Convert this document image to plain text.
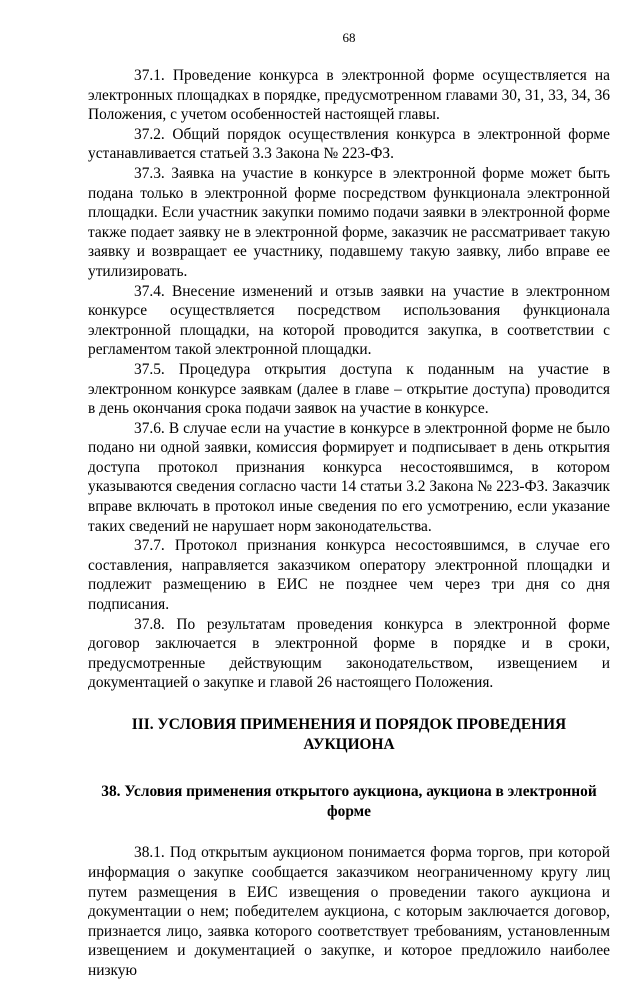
68

37.1. Проведение конкурса в электронной форме осуществляется на электронных площадках в порядке, предусмотренном главами 30, 31, 33, 34, 36 Положения, с учетом особенностей настоящей главы.

37.2. Общий порядок осуществления конкурса в электронной форме устанавливается статьей 3.3 Закона № 223-ФЗ.

37.3. Заявка на участие в конкурсе в электронной форме может быть подана только в электронной форме посредством функционала электронной площадки. Если участник закупки помимо подачи заявки в электронной форме также подает заявку не в электронной форме, заказчик не рассматривает такую заявку и возвращает ее участнику, подавшему такую заявку, либо вправе ее утилизировать.

37.4. Внесение изменений и отзыв заявки на участие в электронном конкурсе осуществляется посредством использования функционала электронной площадки, на которой проводится закупка, в соответствии с регламентом такой электронной площадки.

37.5. Процедура открытия доступа к поданным на участие в электронном конкурсе заявкам (далее в главе – открытие доступа) проводится в день окончания срока подачи заявок на участие в конкурсе.

37.6. В случае если на участие в конкурсе в электронной форме не было подано ни одной заявки, комиссия формирует и подписывает в день открытия доступа протокол признания конкурса несостоявшимся, в котором указываются сведения согласно части 14 статьи 3.2 Закона № 223-ФЗ. Заказчик вправе включать в протокол иные сведения по его усмотрению, если указание таких сведений не нарушает норм законодательства.

37.7. Протокол признания конкурса несостоявшимся, в случае его составления, направляется заказчиком оператору электронной площадки и подлежит размещению в ЕИС не позднее чем через три дня со дня подписания.

37.8. По результатам проведения конкурса в электронной форме договор заключается в электронной форме в порядке и в сроки, предусмотренные действующим законодательством, извещением и документацией о закупке и главой 26 настоящего Положения.

III. УСЛОВИЯ ПРИМЕНЕНИЯ И ПОРЯДОК ПРОВЕДЕНИЯ АУКЦИОНА
38. Условия применения открытого аукциона, аукциона в электронной форме

38.1. Под открытым аукционом понимается форма торгов, при которой информация о закупке сообщается заказчиком неограниченному кругу лиц путем размещения в ЕИС извещения о проведении такого аукциона и документации о нем; победителем аукциона, с которым заключается договор, признается лицо, заявка которого соответствует требованиям, установленным извещением и документацией о закупке, и которое предложило наиболее низкую
